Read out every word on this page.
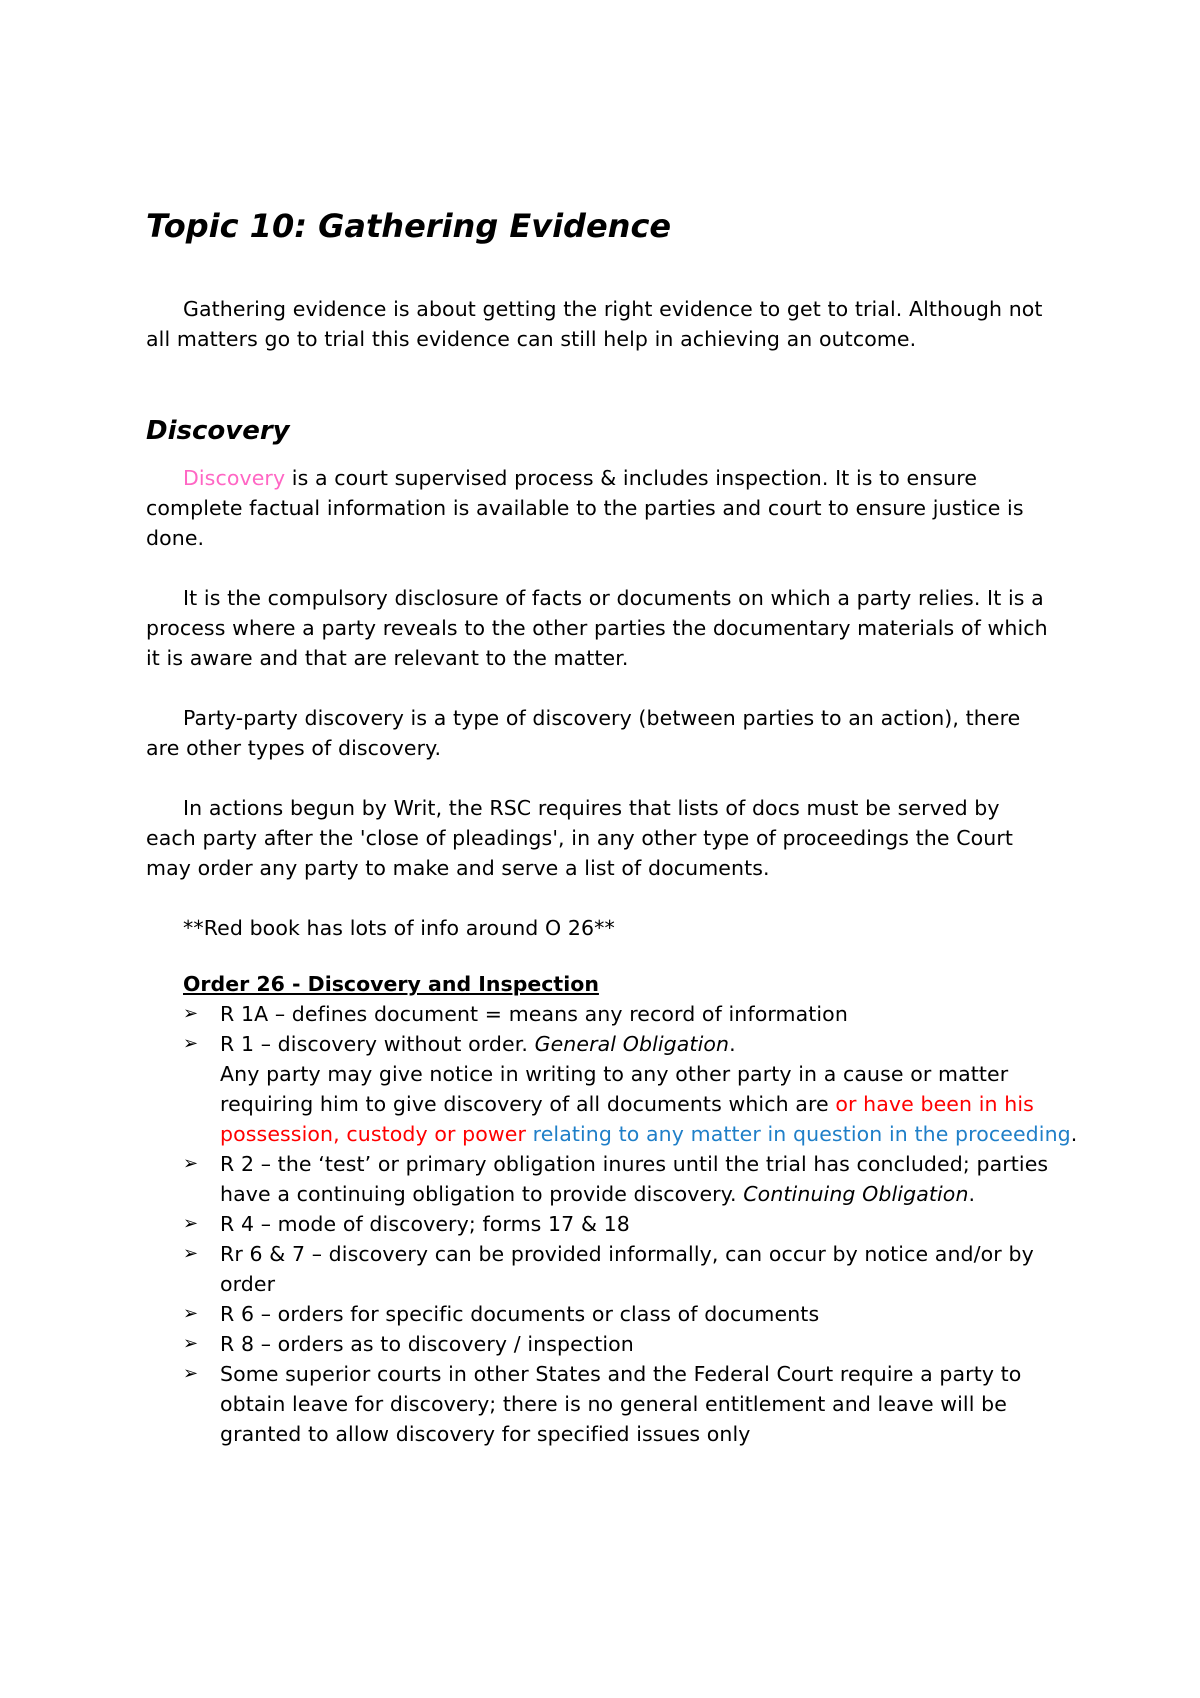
Topic 10: Gathering Evidence

Gathering evidence is about getting the right evidence to get to trial. Although not all matters go to trial this evidence can still help in achieving an outcome.

Discovery

Discovery is a court supervised process & includes inspection. It is to ensure complete factual information is available to the parties and court to ensure justice is done.

It is the compulsory disclosure of facts or documents on which a party relies. It is a process where a party reveals to the other parties the documentary materials of which it is aware and that are relevant to the matter.

Party-party discovery is a type of discovery (between parties to an action), there are other types of discovery.

In actions begun by Writ, the RSC requires that lists of docs must be served by each party after the 'close of pleadings', in any other type of proceedings the Court may order any party to make and serve a list of documents.

**Red book has lots of info around O 26**

Order 26 - Discovery and Inspection
➢ R 1A – defines document = means any record of information
➢ R 1 – discovery without order. General Obligation.
Any party may give notice in writing to any other party in a cause or matter requiring him to give discovery of all documents which are or have been in his possession, custody or power relating to any matter in question in the proceeding.
➢ R 2 – the ‘test’ or primary obligation inures until the trial has concluded; parties have a continuing obligation to provide discovery. Continuing Obligation.
➢ R 4 – mode of discovery; forms 17 & 18
➢ Rr 6 & 7 – discovery can be provided informally, can occur by notice and/or by order
➢ R 6 – orders for specific documents or class of documents
➢ R 8 – orders as to discovery / inspection
➢ Some superior courts in other States and the Federal Court require a party to obtain leave for discovery; there is no general entitlement and leave will be granted to allow discovery for specified issues only
